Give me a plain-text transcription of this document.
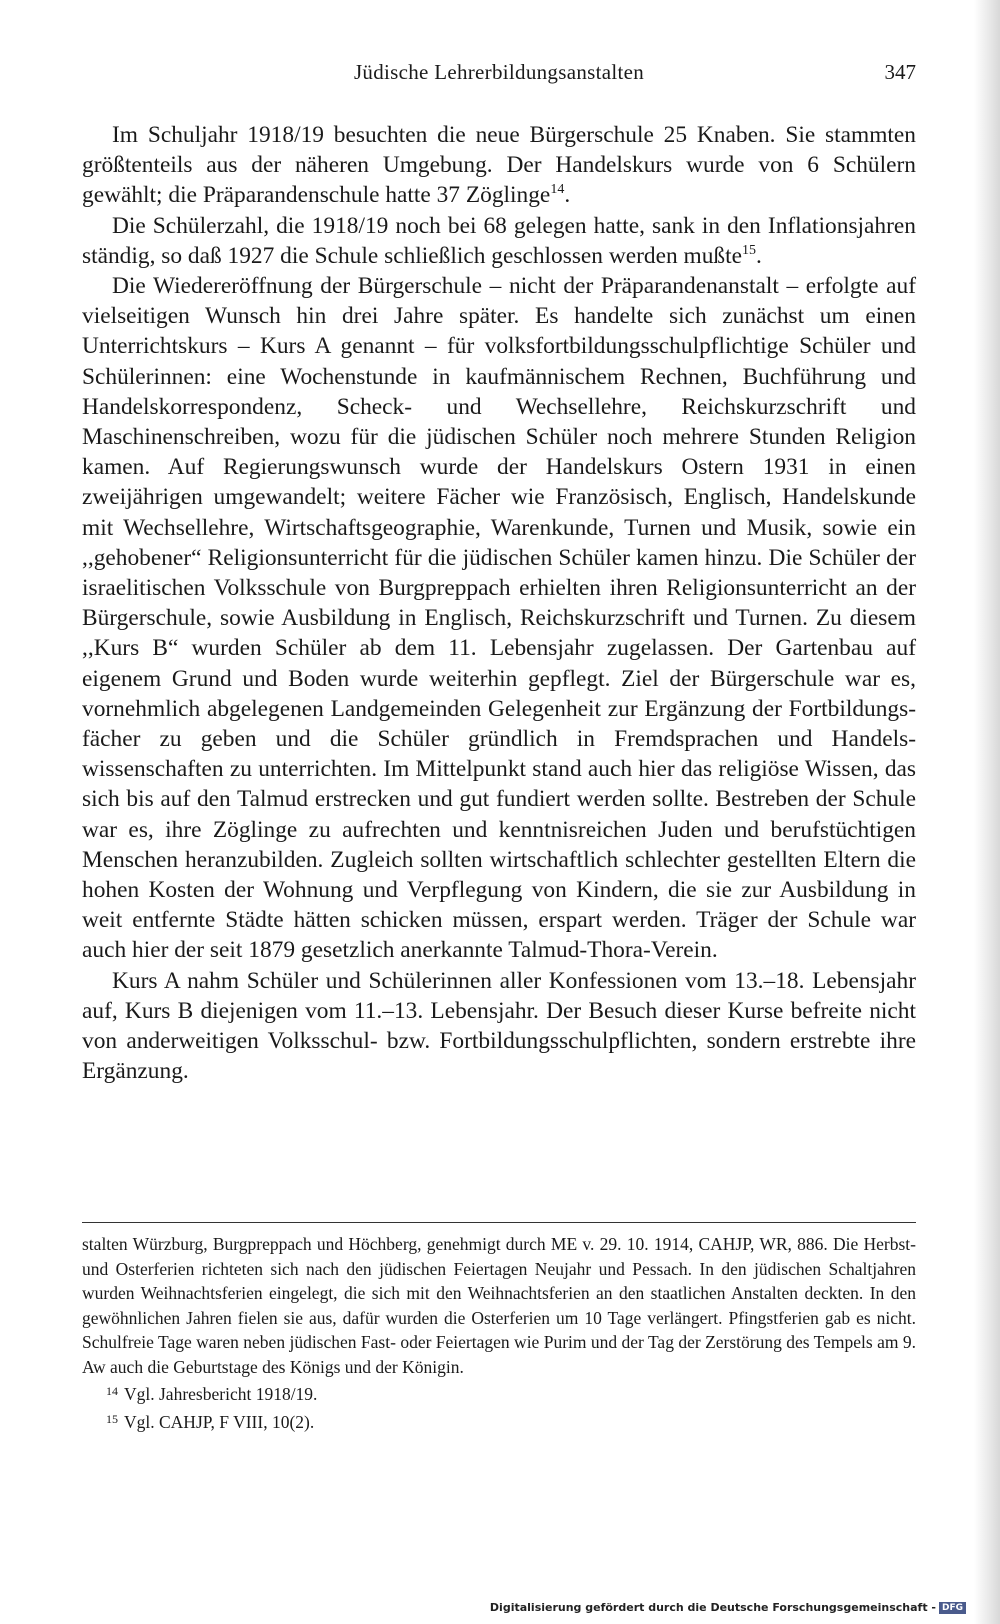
Jüdische Lehrerbildungsanstalten	347

Im Schuljahr 1918/19 besuchten die neue Bürgerschule 25 Knaben. Sie stammten größtenteils aus der näheren Umgebung. Der Handelskurs wurde von 6 Schülern gewählt; die Präparandenschule hatte 37 Zöglinge$^{14}$.

Die Schülerzahl, die 1918/19 noch bei 68 gelegen hatte, sank in den Inflationsjahren ständig, so daß 1927 die Schule schließlich geschlossen werden mußte$^{15}$.

Die Wiedereröffnung der Bürgerschule – nicht der Präparandenanstalt – erfolgte auf vielseitigen Wunsch hin drei Jahre später. Es handelte sich zunächst um einen Unterrichtskurs – Kurs A genannt – für volksfortbildungsschulpflichtige Schüler und Schülerinnen: eine Wochenstunde in kaufmännischem Rechnen, Buchführung und Handelskorrespondenz, Scheck- und Wechsellehre, Reichskurzschrift und Maschinenschreiben, wozu für die jüdischen Schüler noch mehrere Stunden Religion kamen. Auf Regierungswunsch wurde der Handelskurs Ostern 1931 in einen zweijährigen umgewandelt; weitere Fächer wie Französisch, Englisch, Handelskunde mit Wechsellehre, Wirtschaftsgeographie, Warenkunde, Turnen und Musik, sowie ein ,,gehobener“ Religionsunterricht für die jüdischen Schüler kamen hinzu. Die Schüler der israelitischen Volksschule von Burgpreppach erhielten ihren Religionsunterricht an der Bürgerschule, sowie Ausbildung in Englisch, Reichskurzschrift und Turnen. Zu diesem ,,Kurs B“ wurden Schüler ab dem 11. Lebensjahr zugelassen. Der Gartenbau auf eigenem Grund und Boden wurde weiterhin gepflegt. Ziel der Bürgerschule war es, vornehmlich abgelegenen Landgemeinden Gelegenheit zur Ergänzung der Fortbildungsfächer zu geben und die Schüler gründlich in Fremdsprachen und Handelswissenschaften zu unterrichten. Im Mittelpunkt stand auch hier das religiöse Wissen, das sich bis auf den Talmud erstrecken und gut fundiert werden sollte. Bestreben der Schule war es, ihre Zöglinge zu aufrechten und kenntnisreichen Juden und berufstüchtigen Menschen heranzubilden. Zugleich sollten wirtschaftlich schlechter gestellten Eltern die hohen Kosten der Wohnung und Verpflegung von Kindern, die sie zur Ausbildung in weit entfernte Städte hätten schicken müssen, erspart werden. Träger der Schule war auch hier der seit 1879 gesetzlich anerkannte Talmud-Thora-Verein.

Kurs A nahm Schüler und Schülerinnen aller Konfessionen vom 13.–18. Lebensjahr auf, Kurs B diejenigen vom 11.–13. Lebensjahr. Der Besuch dieser Kurse befreite nicht von anderweitigen Volksschul- bzw. Fortbildungsschulpflichten, sondern erstrebte ihre Ergänzung.

stalten Würzburg, Burgpreppach und Höchberg, genehmigt durch ME v. 29. 10. 1914, CAHJP, WR, 886. Die Herbst- und Osterferien richteten sich nach den jüdischen Feiertagen Neujahr und Pessach. In den jüdischen Schaltjahren wurden Weihnachtsferien eingelegt, die sich mit den Weihnachtsferien an den staatlichen Anstalten deckten. In den gewöhnlichen Jahren fielen sie aus, dafür wurden die Osterferien um 10 Tage verlängert. Pfingstferien gab es nicht. Schulfreie Tage waren neben jüdischen Fast- oder Feiertagen wie Purim und der Tag der Zerstörung des Tempels am 9. Aw auch die Geburtstage des Königs und der Königin.

$^{14}$ Vgl. Jahresbericht 1918/19.

$^{15}$ Vgl. CAHJP, F VIII, 10(2).

Digitalisierung gefördert durch die Deutsche Forschungsgemeinschaft - DFG
